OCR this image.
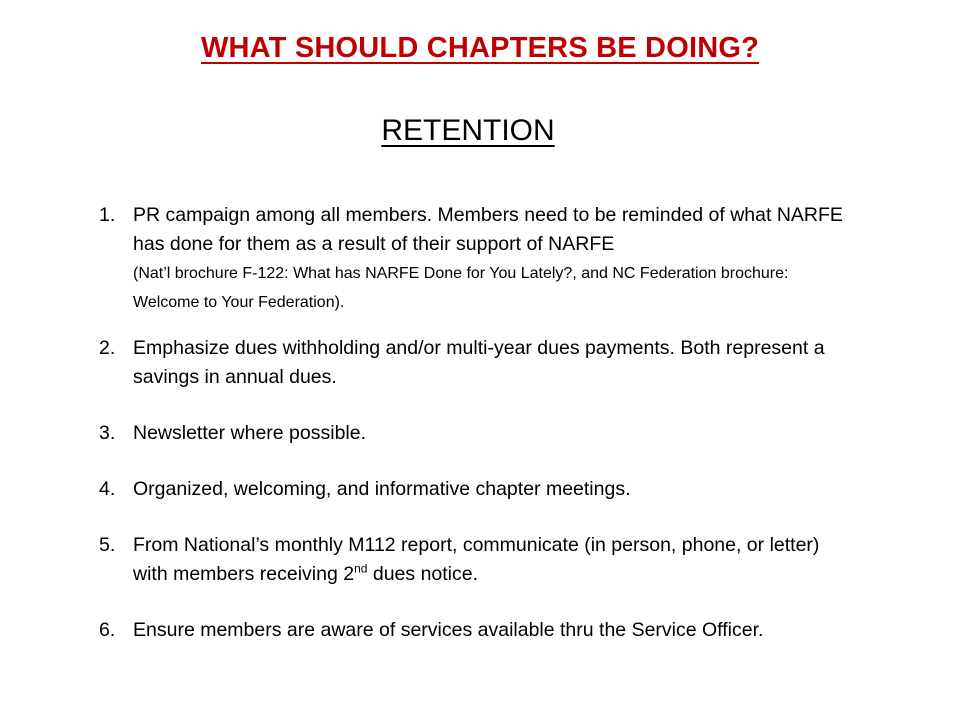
WHAT SHOULD CHAPTERS BE DOING?
RETENTION
1. PR campaign among all members. Members need to be reminded of what NARFE has done for them as a result of their support of NARFE
(Nat’l brochure F-122: What has NARFE Done for You Lately?, and NC Federation brochure: Welcome to Your Federation).
2. Emphasize dues withholding and/or multi-year dues payments. Both represent a savings in annual dues.
3. Newsletter where possible.
4. Organized, welcoming, and informative chapter meetings.
5. From National’s monthly M112 report, communicate (in person, phone, or letter) with members receiving 2nd dues notice.
6. Ensure members are aware of services available thru the Service Officer.
